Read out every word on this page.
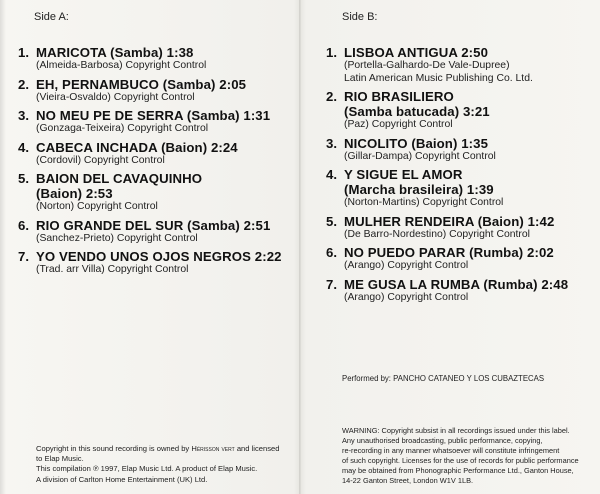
Side A:
1. MARICOTA (Samba) 1:38
(Almeida-Barbosa) Copyright Control
2. EH, PERNAMBUCO (Samba) 2:05
(Vieira-Osvaldo) Copyright Control
3. NO MEU PE DE SERRA (Samba) 1:31
(Gonzaga-Teixeira) Copyright Control
4. CABECA INCHADA (Baion) 2:24
(Cordovil) Copyright Control
5. BAION DEL CAVAQUINHO
(Baion) 2:53
(Norton) Copyright Control
6. RIO GRANDE DEL SUR (Samba) 2:51
(Sanchez-Prieto) Copyright Control
7. YO VENDO UNOS OJOS NEGROS 2:22
(Trad. arr Villa) Copyright Control
Copyright in this sound recording is owned by Hérisson vert and licensed
to Elap Music.
This compilation ℗ 1997, Elap Music Ltd. A product of Elap Music.
A division of Carlton Home Entertainment (UK) Ltd.
Side B:
1. LISBOA ANTIGUA 2:50
(Portella-Galhardo-De Vale-Dupree)
Latin American Music Publishing Co. Ltd.
2. RIO BRASILIERO
(Samba batucada) 3:21
(Paz) Copyright Control
3. NICOLITO (Baion) 1:35
(Gillar-Dampa) Copyright Control
4. Y SIGUE EL AMOR
(Marcha brasileira) 1:39
(Norton-Martins) Copyright Control
5. MULHER RENDEIRA (Baion) 1:42
(De Barro-Nordestino) Copyright Control
6. NO PUEDO PARAR (Rumba) 2:02
(Arango) Copyright Control
7. ME GUSA LA RUMBA (Rumba) 2:48
(Arango) Copyright Control
Performed by: PANCHO CATANEO Y LOS CUBAZTECAS
WARNING: Copyright subsist in all recordings issued under this label.
Any unauthorised broadcasting, public performance, copying,
re-recording in any manner whatsoever will constitute infringement
of such copyright. Licenses for the use of records for public performance
may be obtained from Phonographic Performance Ltd., Ganton House,
14-22 Ganton Street, London W1V 1LB.
